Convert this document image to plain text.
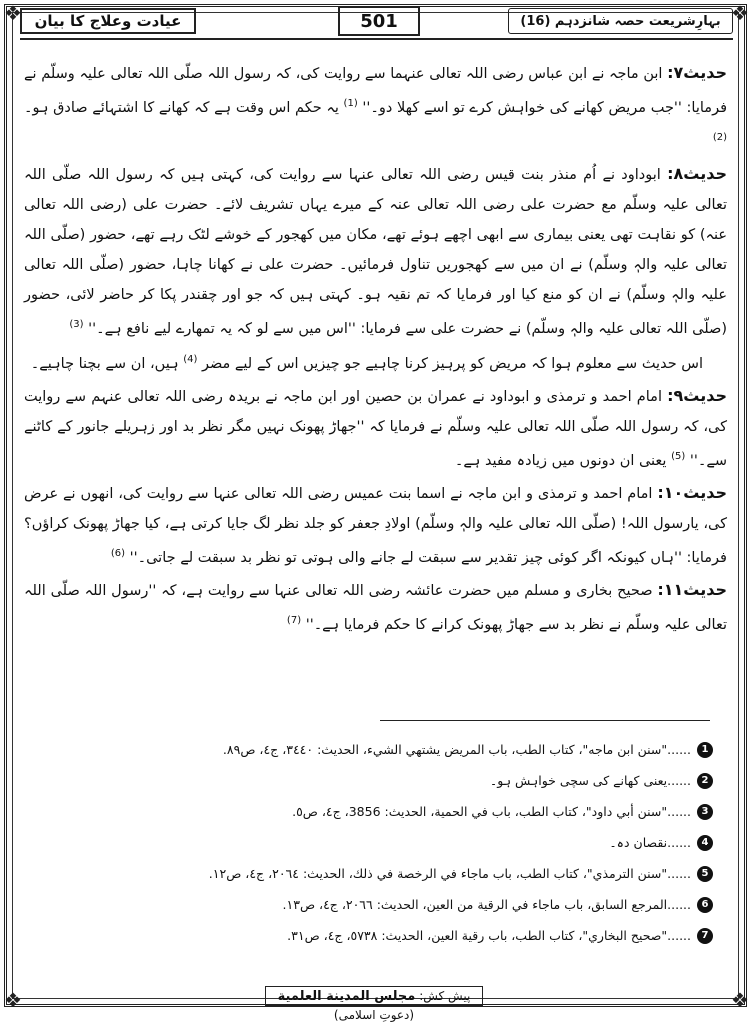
❖	❖
❖	❖
بہارِشریعت حصہ شانزدہم (16)
501
عیادت وعلاج کا بیان

حدیث۷: ابن ماجہ نے ابن عباس رضی اللہ تعالی عنہما سے روایت کی، کہ رسول اللہ صلّی اللہ تعالی علیہ وسلّم نے فرمایا: ''جب مریض کھانے کی خواہش کرے تو اسے کھلا دو۔'' $^{(1)}$ یہ حکم اس وقت ہے کہ کھانے کا اشتہائے صادق ہو۔ $^{(2)}$

حدیث۸: ابوداود نے اُم منذر بنت قیس رضی اللہ تعالی عنہا سے روایت کی، کہتی ہیں کہ رسول اللہ صلّی اللہ تعالی علیہ وسلّم مع حضرت علی رضی اللہ تعالی عنہ کے میرے یہاں تشریف لائے۔ حضرت علی (رضی اللہ تعالی عنہ) کو نقاہت تھی یعنی بیماری سے ابھی اچھے ہوئے تھے، مکان میں کھجور کے خوشے لٹک رہے تھے، حضور (صلّی اللہ تعالی علیہ والہٖ وسلّم) نے ان میں سے کھجوریں تناول فرمائیں۔ حضرت علی نے کھانا چاہا، حضور (صلّی اللہ تعالی علیہ والہٖ وسلّم) نے ان کو منع کیا اور فرمایا کہ تم نقیہ ہو۔ کہتی ہیں کہ جو اور چقندر پکا کر حاضر لائی، حضور (صلّی اللہ تعالی علیہ والہٖ وسلّم) نے حضرت علی سے فرمایا: ''اس میں سے لو کہ یہ تمھارے لیے نافع ہے۔'' $^{(3)}$

اس حدیث سے معلوم ہوا کہ مریض کو پرہیز کرنا چاہیے جو چیزیں اس کے لیے مضر $^{(4)}$ ہیں، ان سے بچنا چاہیے۔

حدیث۹: امام احمد و ترمذی و ابوداود نے عمران بن حصین اور ابن ماجہ نے بریدہ رضی اللہ تعالی عنہم سے روایت کی، کہ رسول اللہ صلّی اللہ تعالی علیہ وسلّم نے فرمایا کہ ''جھاڑ پھونک نہیں مگر نظر بد اور زہریلے جانور کے کاٹنے سے۔'' $^{(5)}$ یعنی ان دونوں میں زیادہ مفید ہے۔

حدیث۱۰: امام احمد و ترمذی و ابن ماجہ نے اسما بنت عمیس رضی اللہ تعالی عنہا سے روایت کی، انھوں نے عرض کی، یارسول اللہ! (صلّی اللہ تعالی علیہ والہٖ وسلّم) اولادِ جعفر کو جلد نظر لگ جایا کرتی ہے، کیا جھاڑ پھونک کراؤں؟ فرمایا: ''ہاں کیونکہ اگر کوئی چیز تقدیر سے سبقت لے جانے والی ہوتی تو نظر بد سبقت لے جاتی۔'' $^{(6)}$

حدیث۱۱: صحیح بخاری و مسلم میں حضرت عائشہ رضی اللہ تعالی عنہا سے روایت ہے، کہ ''رسول اللہ صلّی اللہ تعالی علیہ وسلّم نے نظر بد سے جھاڑ پھونک کرانے کا حکم فرمایا ہے۔'' $^{(7)}$

1
......"سنن ابن ماجه"، كتاب الطب، باب المريض يشتهي الشيء، الحديث: ٣٤٤٠، ج٤، ص٨٩.
2
......یعنی کھانے کی سچی خواہش ہو۔
3
......"سنن أبي داود"، كتاب الطب، باب في الحمية، الحديث: 3856، ج٤، ص٥.
4
......نقصان دہ۔
5
......"سنن الترمذي"، كتاب الطب، باب ماجاء في الرخصة في ذلك، الحديث: ٢٠٦٤، ج٤، ص١٢.
6
......المرجع السابق، باب ماجاء في الرقية من العين، الحديث: ٢٠٦٦، ج٤، ص١٣.
7
......"صحيح البخاري"، كتاب الطب، باب رقية العين، الحديث: ٥٧٣٨، ج٤، ص٣١.
پیش کش: مجلس المدينة العلمية (دعوتِ اسلامی)
